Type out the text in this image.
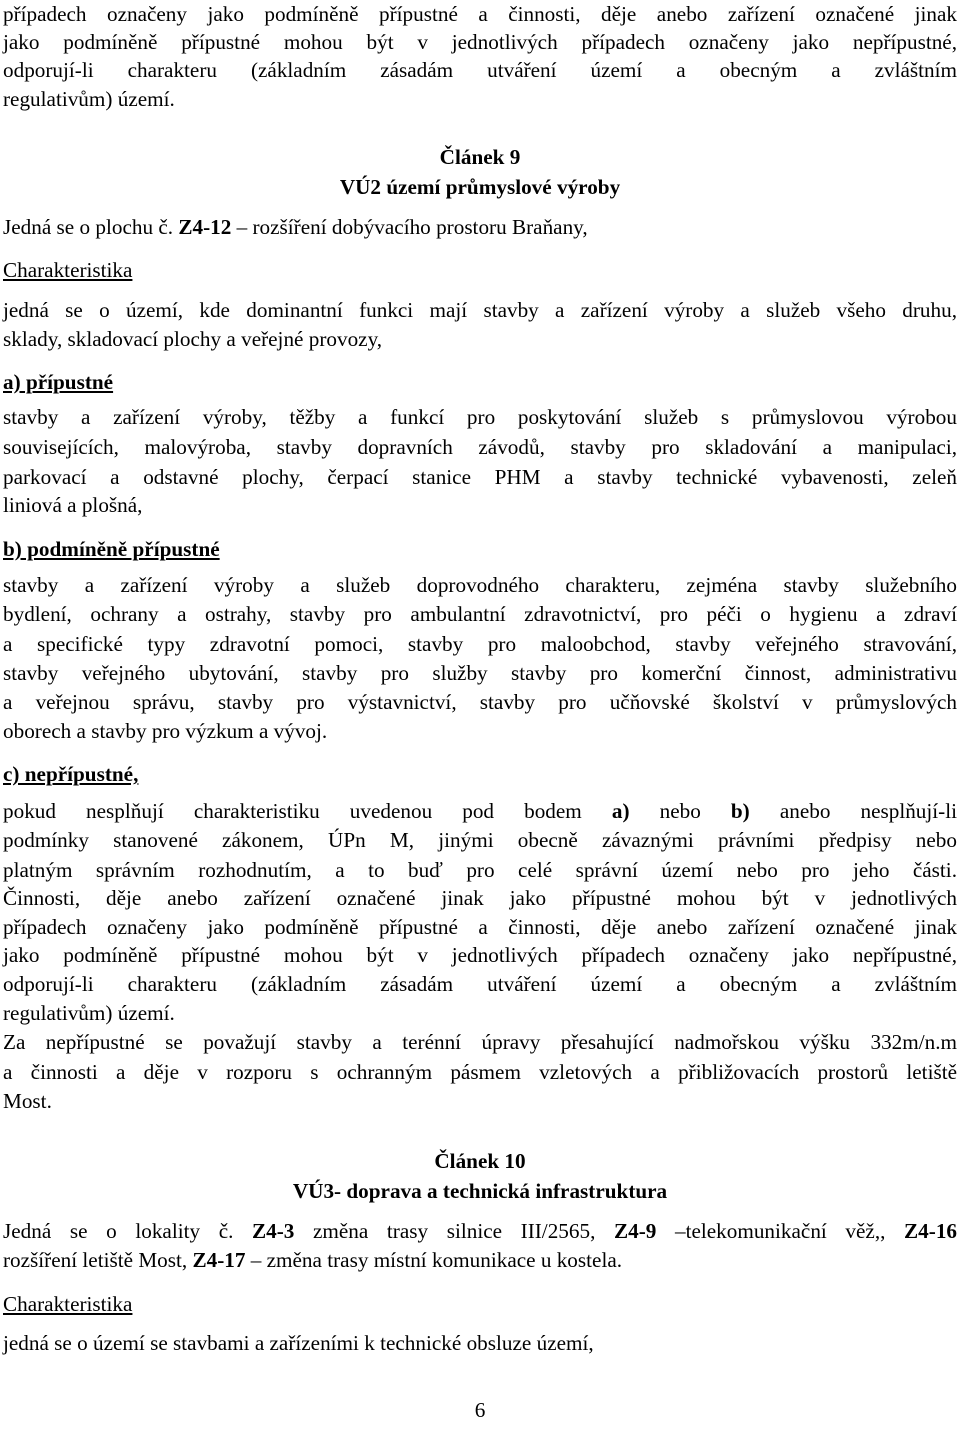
případech označeny jako podmíněně přípustné a činnosti, děje anebo zařízení označené jinak
jako podmíněně přípustné mohou být v jednotlivých případech označeny jako nepřípustné,
odporují-li charakteru (základním zásadám utváření území a obecným a zvláštním
regulativům) území.
Článek 9
VÚ2 území průmyslové výroby
Jedná se o plochu č. Z4-12 – rozšíření dobývacího prostoru Braňany,
Charakteristika
jedná se o území, kde dominantní funkci mají stavby a zařízení výroby a služeb všeho druhu,
sklady, skladovací plochy a veřejné provozy,
a) přípustné
stavby a zařízení výroby, těžby a funkcí pro poskytování služeb s průmyslovou výrobou
souvisejících, malovýroba, stavby dopravních závodů, stavby pro skladování a manipulaci,
parkovací a odstavné plochy, čerpací stanice PHM a stavby technické vybavenosti, zeleň
liniová a plošná,
b) podmíněně přípustné
stavby a zařízení výroby a služeb doprovodného charakteru, zejména stavby služebního
bydlení, ochrany a ostrahy, stavby pro ambulantní zdravotnictví, pro péči o hygienu a zdraví
a specifické typy zdravotní pomoci, stavby pro maloobchod, stavby veřejného stravování,
stavby veřejného ubytování, stavby pro služby stavby pro komerční činnost, administrativu
a veřejnou správu, stavby pro výstavnictví, stavby pro učňovské školství v průmyslových
oborech a stavby pro výzkum a vývoj.
c) nepřípustné,
pokud nesplňují charakteristiku uvedenou pod bodem a) nebo b) anebo nesplňují-li
podmínky stanovené zákonem, ÚPn M, jinými obecně závaznými právními předpisy nebo
platným správním rozhodnutím, a to buď pro celé správní území nebo pro jeho části.
Činnosti, děje anebo zařízení označené jinak jako přípustné mohou být v jednotlivých
případech označeny jako podmíněně přípustné a činnosti, děje anebo zařízení označené jinak
jako podmíněně přípustné mohou být v jednotlivých případech označeny jako nepřípustné,
odporují-li charakteru (základním zásadám utváření území a obecným a zvláštním
regulativům) území.
Za nepřípustné se považují stavby a terénní úpravy přesahující nadmořskou výšku 332m/n.m
a činnosti a děje v rozporu s ochranným pásmem vzletových a přibližovacích prostorů letiště
Most.
Článek 10
VÚ3- doprava a technická infrastruktura
Jedná se o lokality č. Z4-3 změna trasy silnice III/2565, Z4-9 –telekomunikační věž,, Z4-16
rozšíření letiště Most, Z4-17 – změna trasy místní komunikace u kostela.
Charakteristika
jedná se o území se stavbami a zařízeními k technické obsluze území,
6
